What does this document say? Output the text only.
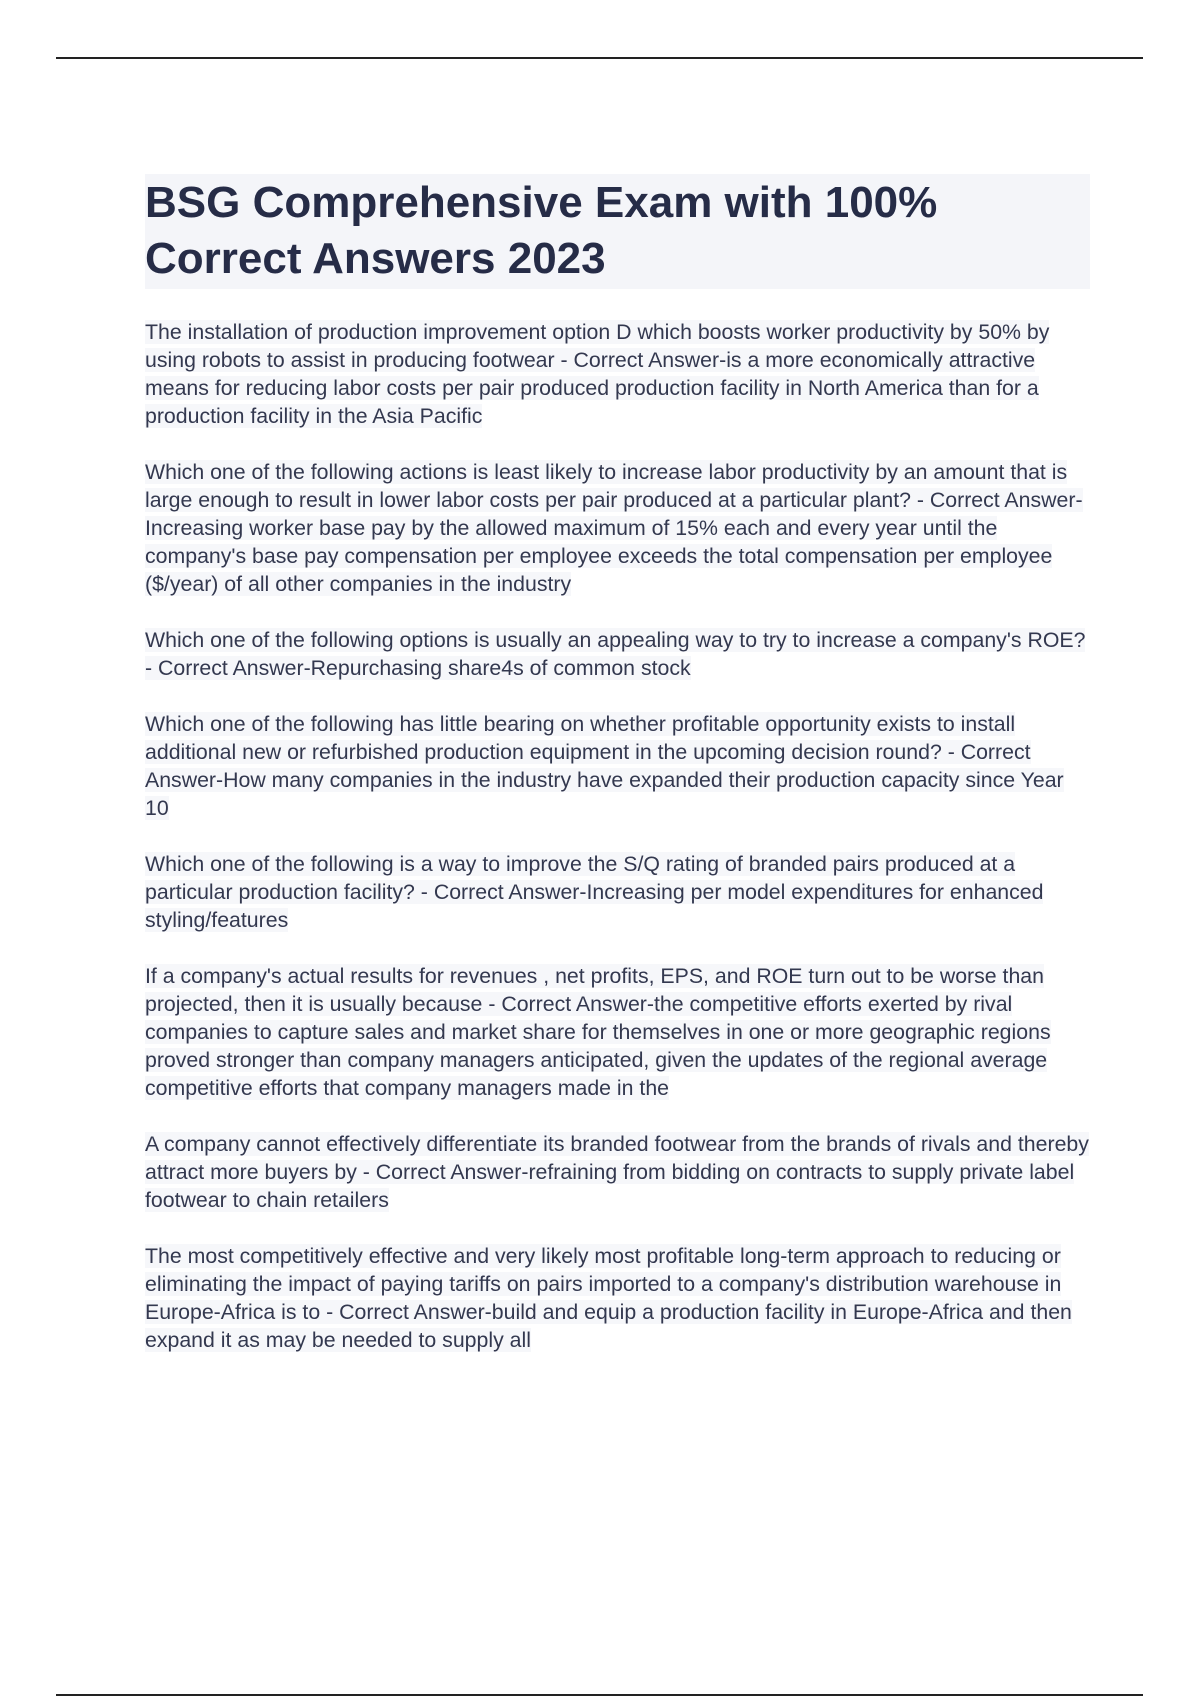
BSG Comprehensive Exam with 100% Correct Answers 2023

The installation of production improvement option D which boosts worker productivity by 50% by using robots to assist in producing footwear - Correct Answer-is a more economically attractive means for reducing labor costs per pair produced production facility in North America than for a production facility in the Asia Pacific

Which one of the following actions is least likely to increase labor productivity by an amount that is large enough to result in lower labor costs per pair produced at a particular plant? - Correct Answer-Increasing worker base pay by the allowed maximum of 15% each and every year until the company's base pay compensation per employee exceeds the total compensation per employee ($/year) of all other companies in the industry

Which one of the following options is usually an appealing way to try to increase a company's ROE? - Correct Answer-Repurchasing share4s of common stock

Which one of the following has little bearing on whether profitable opportunity exists to install additional new or refurbished production equipment in the upcoming decision round? - Correct Answer-How many companies in the industry have expanded their production capacity since Year 10

Which one of the following is a way to improve the S/Q rating of branded pairs produced at a particular production facility? - Correct Answer-Increasing per model expenditures for enhanced styling/features

If a company's actual results for revenues , net profits, EPS, and ROE turn out to be worse than projected, then it is usually because - Correct Answer-the competitive efforts exerted by rival companies to capture sales and market share for themselves in one or more geographic regions proved stronger than company managers anticipated, given the updates of the regional average competitive efforts that company managers made in the

A company cannot effectively differentiate its branded footwear from the brands of rivals and thereby attract more buyers by - Correct Answer-refraining from bidding on contracts to supply private label footwear to chain retailers

The most competitively effective and very likely most profitable long-term approach to reducing or eliminating the impact of paying tariffs on pairs imported to a company's distribution warehouse in Europe-Africa is to - Correct Answer-build and equip a production facility in Europe-Africa and then expand it as may be needed to supply all
